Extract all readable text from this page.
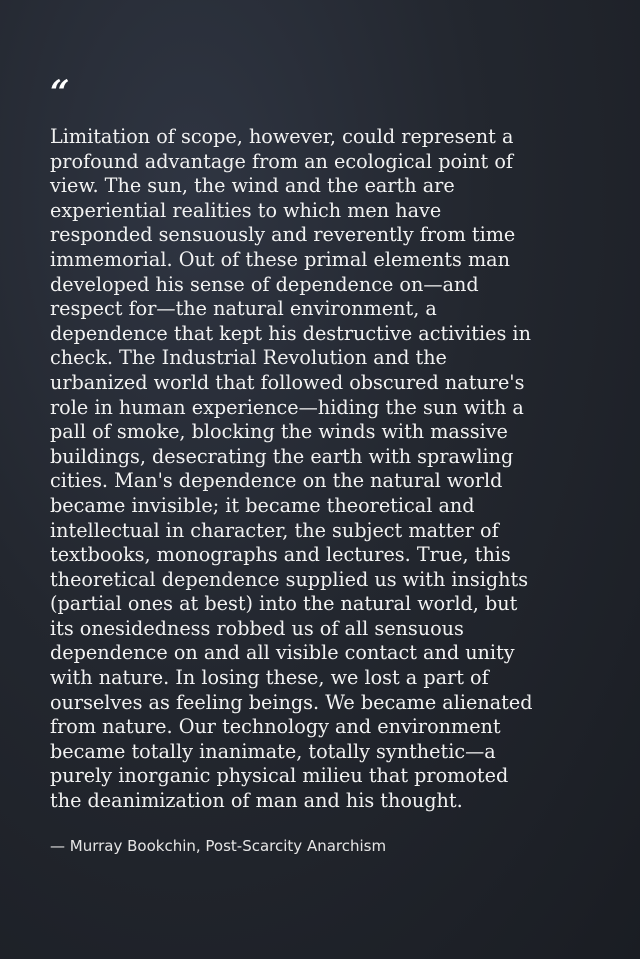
“

Limitation of scope, however, could represent a
profound advantage from an ecological point of
view. The sun, the wind and the earth are
experiential realities to which men have
responded sensuously and reverently from time
immemorial. Out of these primal elements man
developed his sense of dependence on—and
respect for—the natural environment, a
dependence that kept his destructive activities in
check. The Industrial Revolution and the
urbanized world that followed obscured nature's
role in human experience—hiding the sun with a
pall of smoke, blocking the winds with massive
buildings, desecrating the earth with sprawling
cities. Man's dependence on the natural world
became invisible; it became theoretical and
intellectual in character, the subject matter of
textbooks, monographs and lectures. True, this
theoretical dependence supplied us with insights
(partial ones at best) into the natural world, but
its onesidedness robbed us of all sensuous
dependence on and all visible contact and unity
with nature. In losing these, we lost a part of
ourselves as feeling beings. We became alienated
from nature. Our technology and environment
became totally inanimate, totally synthetic—a
purely inorganic physical milieu that promoted
the deanimization of man and his thought.

— Murray Bookchin, Post-Scarcity Anarchism
